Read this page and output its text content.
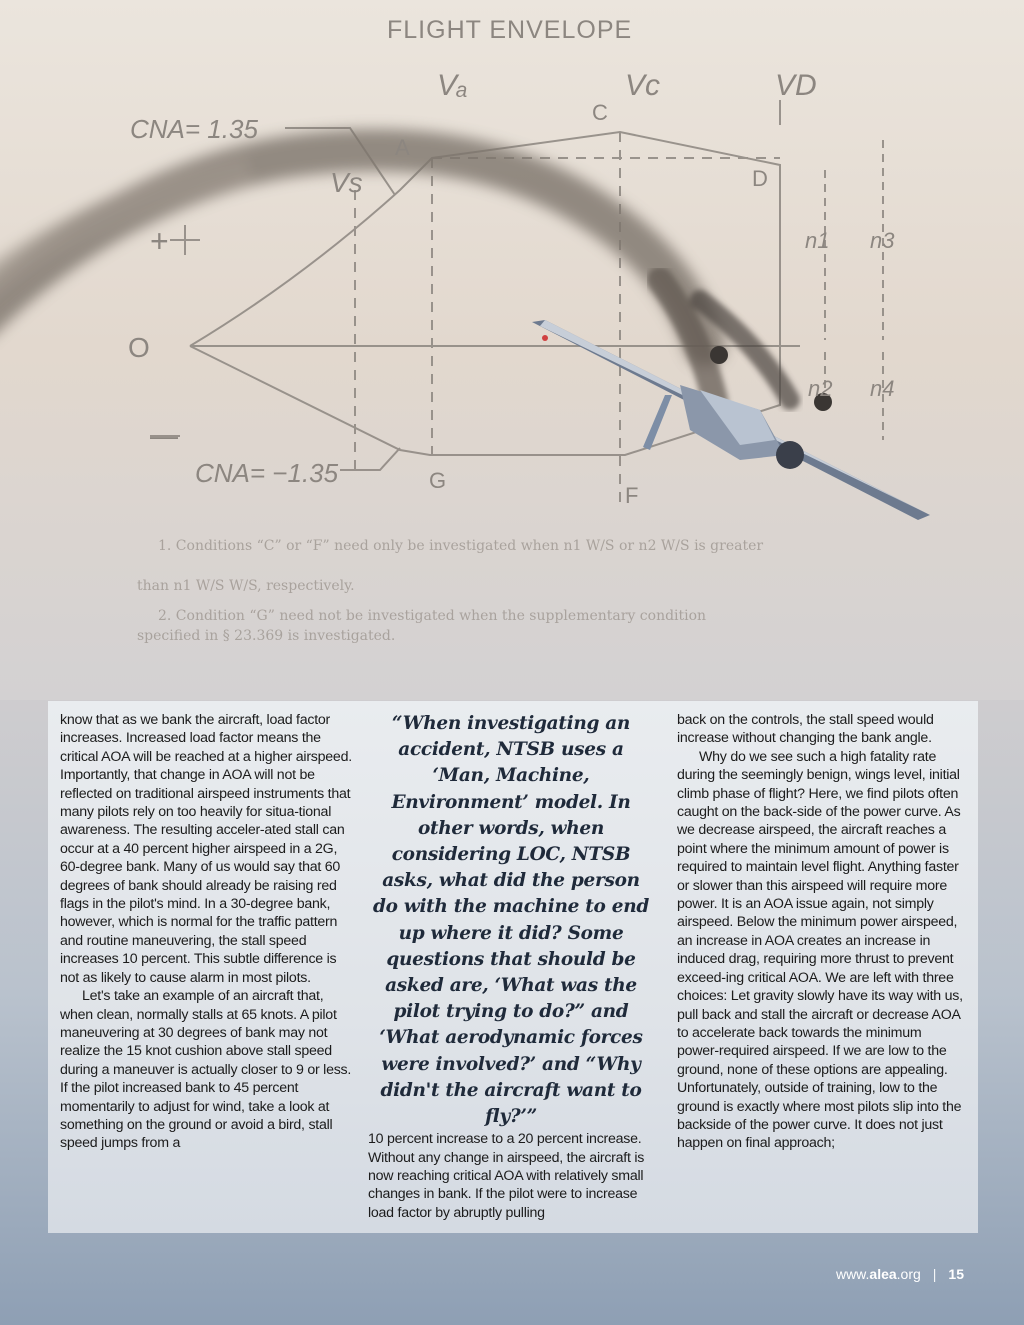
FLIGHT ENVELOPE
Vₐ	Vc	VD
Vs
CNA= 1.35
CNA= −1.35
+
O
—
A
C
D
G
F
n1 n3
n2 n4
1. Conditions “C” or “F” need only be investigated when n1 W/S or n2 W/S is greater
than n1 W/S W/S, respectively.
2. Condition “G” need not be investigated when the supplementary condition
specified in § 23.369 is investigated.

know that as we bank the aircraft, load factor increases. Increased load factor means the critical AOA will be reached at a higher airspeed. Importantly, that change in AOA will not be reflected on traditional airspeed instruments that many pilots rely on too heavily for situa-tional awareness. The resulting acceler-ated stall can occur at a 40 percent higher airspeed in a 2G, 60-degree bank. Many of us would say that 60 degrees of bank should already be raising red flags in the pilot's mind. In a 30-degree bank, however, which is normal for the traffic pattern and routine maneuvering, the stall speed increases 10 percent. This subtle difference is not as likely to cause alarm in most pilots.

Let's take an example of an aircraft that, when clean, normally stalls at 65 knots. A pilot maneuvering at 30 degrees of bank may not realize the 15 knot cushion above stall speed during a maneuver is actually closer to 9 or less. If the pilot increased bank to 45 percent momentarily to adjust for wind, take a look at something on the ground or avoid a bird, stall speed jumps from a

“When investigating an accident, NTSB uses a ‘Man, Machine, Environment’ model. In other words, when considering LOC, NTSB asks, what did the person do with the machine to end up where it did? Some questions that should be asked are, ‘What was the pilot trying to do?” and ‘What aerodynamic forces were involved?’ and “Why didn't the aircraft want to fly?’”

10 percent increase to a 20 percent increase. Without any change in airspeed, the aircraft is now reaching critical AOA with relatively small changes in bank. If the pilot were to increase load factor by abruptly pulling

back on the controls, the stall speed would increase without changing the bank angle.

Why do we see such a high fatality rate during the seemingly benign, wings level, initial climb phase of flight? Here, we find pilots often caught on the back-side of the power curve. As we decrease airspeed, the aircraft reaches a point where the minimum amount of power is required to maintain level flight. Anything faster or slower than this airspeed will require more power. It is an AOA issue again, not simply airspeed. Below the minimum power airspeed, an increase in AOA creates an increase in induced drag, requiring more thrust to prevent exceed-ing critical AOA. We are left with three choices: Let gravity slowly have its way with us, pull back and stall the aircraft or decrease AOA to accelerate back towards the minimum power-required airspeed. If we are low to the ground, none of these options are appealing. Unfortunately, outside of training, low to the ground is exactly where most pilots slip into the backside of the power curve. It does not just happen on final approach;

www.alea.org | 15
